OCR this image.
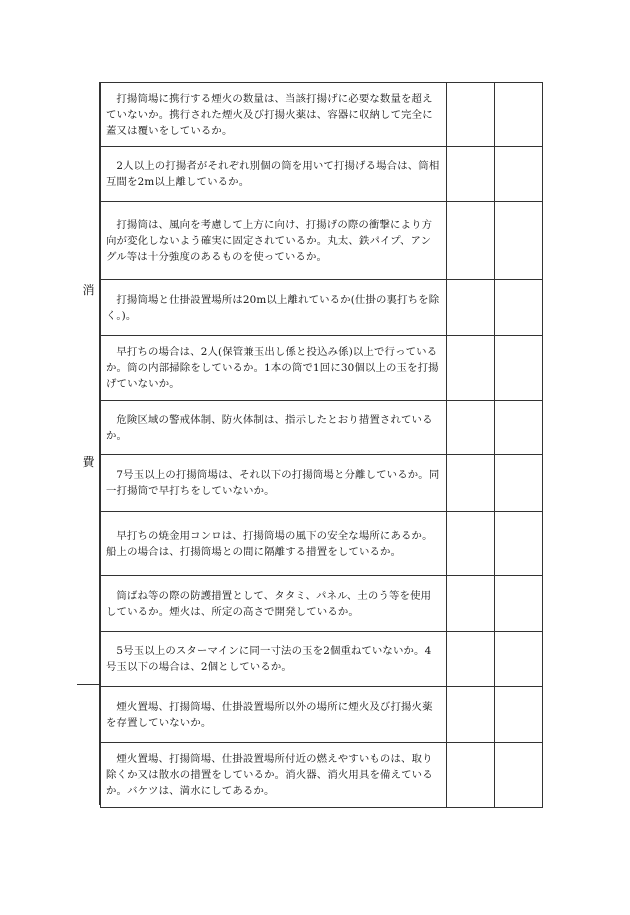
消
費
打揚筒場に携行する煙火の数量は、当該打揚げに必要な数量を超えていないか。携行された煙火及び打揚火薬は、容器に収納して完全に蓋又は覆いをしているか。		
2人以上の打揚者がそれぞれ別個の筒を用いて打揚げる場合は、筒相互間を2m以上離しているか。		
打揚筒は、風向を考慮して上方に向け、打揚げの際の衝撃により方向が変化しないよう確実に固定されているか。丸太、鉄パイプ、アングル等は十分強度のあるものを使っているか。		
打揚筒場と仕掛設置場所は20m以上離れているか(仕掛の裏打ちを除く。)。		
早打ちの場合は、2人(保管兼玉出し係と投込み係)以上で行っているか。筒の内部掃除をしているか。1本の筒で1回に30個以上の玉を打揚げていないか。		
危険区域の警戒体制、防火体制は、指示したとおり措置されているか。		
7号玉以上の打揚筒場は、それ以下の打揚筒場と分離しているか。同一打揚筒で早打ちをしていないか。		
早打ちの焼金用コンロは、打揚筒場の風下の安全な場所にあるか。船上の場合は、打揚筒場との間に隔離する措置をしているか。		
筒ばね等の際の防護措置として、タタミ、パネル、土のう等を使用しているか。煙火は、所定の高さで開発しているか。		
5号玉以上のスターマインに同一寸法の玉を2個重ねていないか。4号玉以下の場合は、2個としているか。		
煙火置場、打揚筒場、仕掛設置場所以外の場所に煙火及び打揚火薬を存置していないか。		
煙火置場、打揚筒場、仕掛設置場所付近の燃えやすいものは、取り除くか又は散水の措置をしているか。消火器、消火用具を備えているか。バケツは、満水にしてあるか。		
